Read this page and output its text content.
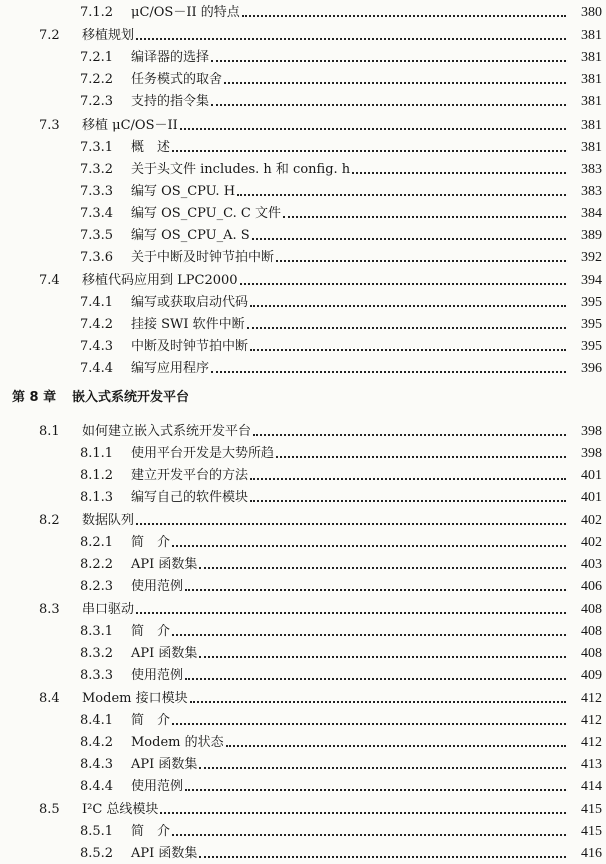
7.1.2 μC/OS－II 的特点	380
7.2 移植规划	381
7.2.1 编译器的选择	381
7.2.2 任务模式的取舍	381
7.2.3 支持的指令集	381
7.3 移植 μC/OS－II	381
7.3.1 概　述	381
7.3.2 关于头文件 includes. h 和 config. h	383
7.3.3 编写 OS_CPU. H	383
7.3.4 编写 OS_CPU_C. C 文件	384
7.3.5 编写 OS_CPU_A. S	389
7.3.6 关于中断及时钟节拍中断	392
7.4 移植代码应用到 LPC2000	394
7.4.1 编写或获取启动代码	395
7.4.2 挂接 SWI 软件中断	395
7.4.3 中断及时钟节拍中断	395
7.4.4 编写应用程序	396
第 8 章 嵌入式系统开发平台
8.1 如何建立嵌入式系统开发平台	398
8.1.1 使用平台开发是大势所趋	398
8.1.2 建立开发平台的方法	401
8.1.3 编写自己的软件模块	401
8.2 数据队列	402
8.2.1 简　介	402
8.2.2 API 函数集	403
8.2.3 使用范例	406
8.3 串口驱动	408
8.3.1 简　介	408
8.3.2 API 函数集	408
8.3.3 使用范例	409
8.4 Modem 接口模块	412
8.4.1 简　介	412
8.4.2 Modem 的状态	412
8.4.3 API 函数集	413
8.4.4 使用范例	414
8.5 I²C 总线模块	415
8.5.1 简　介	415
8.5.2 API 函数集	416
